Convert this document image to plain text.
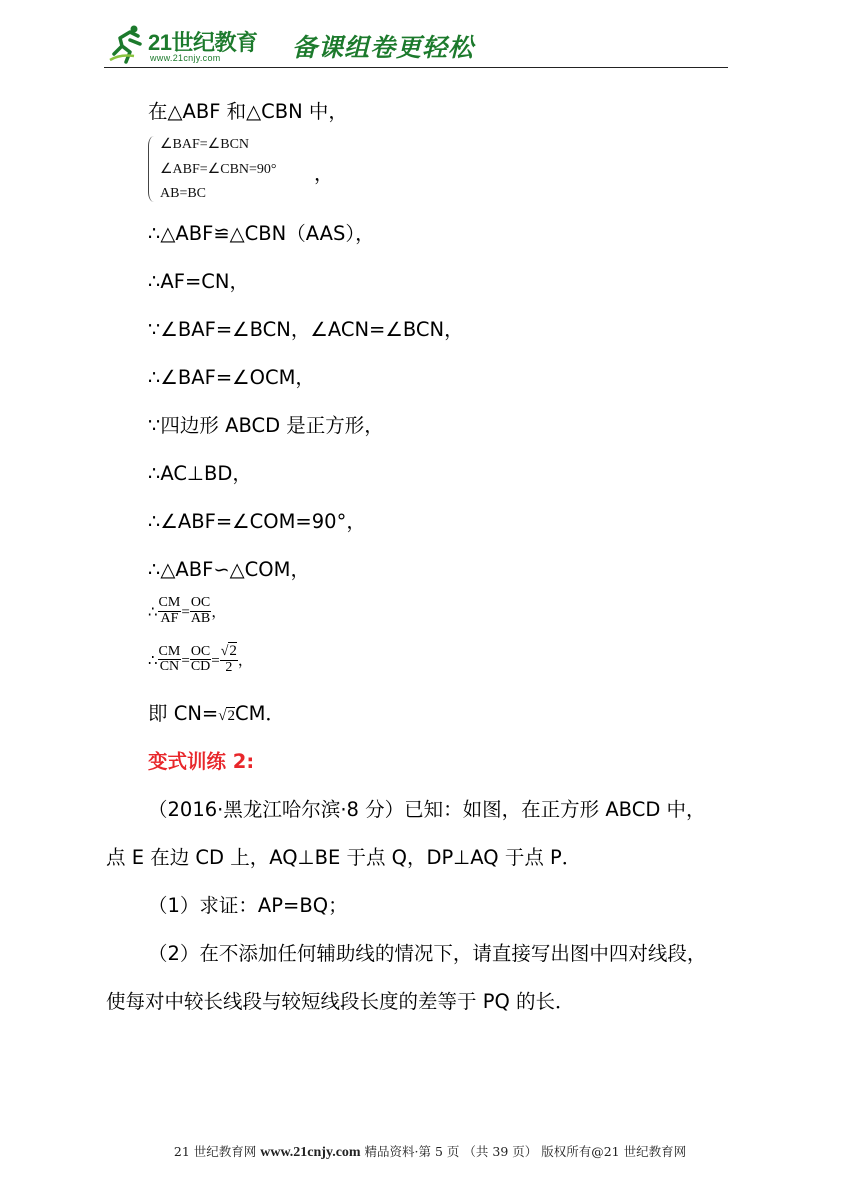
21世纪教育
www.21cnjy.com	备课组卷更轻松
在△ABF 和△CBN 中，
∠BAF=∠BCN
∠ABF=∠CBN=90°
AB=BC
，
∴△ABF≌△CBN（AAS），
∴AF=CN，
∵∠BAF=∠BCN，∠ACN=∠BCN，
∴∠BAF=∠OCM，
∵四边形 ABCD 是正方形，
∴AC⊥BD，
∴∠ABF=∠COM=90°，
∴△ABF∽△COM，
∴ $\frac{CM}{AF} = \frac{OC}{AB}$ ，
∴ $\frac{CM}{CN} = \frac{OC}{CD} = \frac{√2}{2}$ ，
即 CN=√2CM．
变式训练 2:
（2016·黑龙江哈尔滨·8 分）已知：如图，在正方形 ABCD 中，
点 E 在边 CD 上，AQ⊥BE 于点 Q，DP⊥AQ 于点 P．
（1）求证：AP=BQ；
（2）在不添加任何辅助线的情况下，请直接写出图中四对线段，
使每对中较长线段与较短线段长度的差等于 PQ 的长．
21 世纪教育网 www.21cnjy.com 精品资料·第 5 页 （共 39 页） 版权所有@21 世纪教育网
